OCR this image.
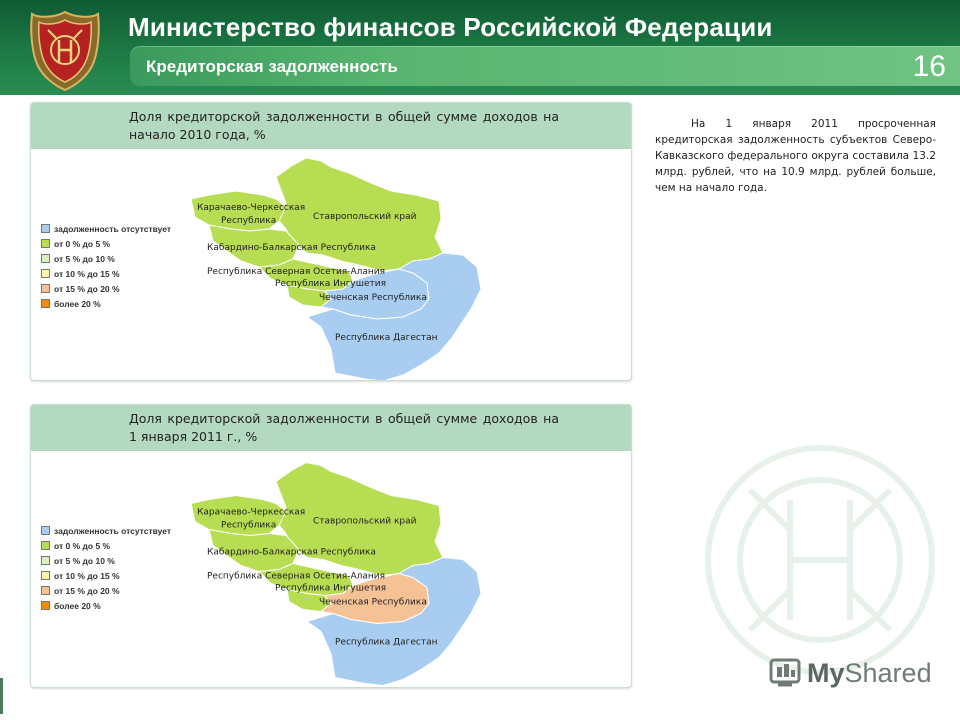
Министерство финансов Российской Федерации
Кредиторская задолженность	16
Доля кредиторской задолженности в общей сумме доходов на начало 2010 года, %
Карачаево-Черкесская
Республика	Ставропольский край
Кабардино-Балкарская Республика
Республика Северная Осетия-Алания
Республика Ингушетия
Чеченская Республика
Республика Дагестан
задолженность отсутствует
от 0 % до 5 %
от 5 % до 10 %
от 10 % до 15 %
от 15 % до 20 %
более 20 %
Доля кредиторской задолженности в общей сумме доходов на 1 января 2011 г., %
Карачаево-Черкесская
Республика	Ставропольский край
Кабардино-Балкарская Республика
Республика Северная Осетия-Алания
Республика Ингушетия
Чеченская Республика
Республика Дагестан
задолженность отсутствует
от 0 % до 5 %
от 5 % до 10 %
от 10 % до 15 %
от 15 % до 20 %
более 20 %
На 1 января 2011 просроченная кредиторская задолженность субъектов Северо-Кавказского федерального округа составила 13.2 млрд. рублей, что на 10.9 млрд. рублей больше, чем на начало года.
MyShared
